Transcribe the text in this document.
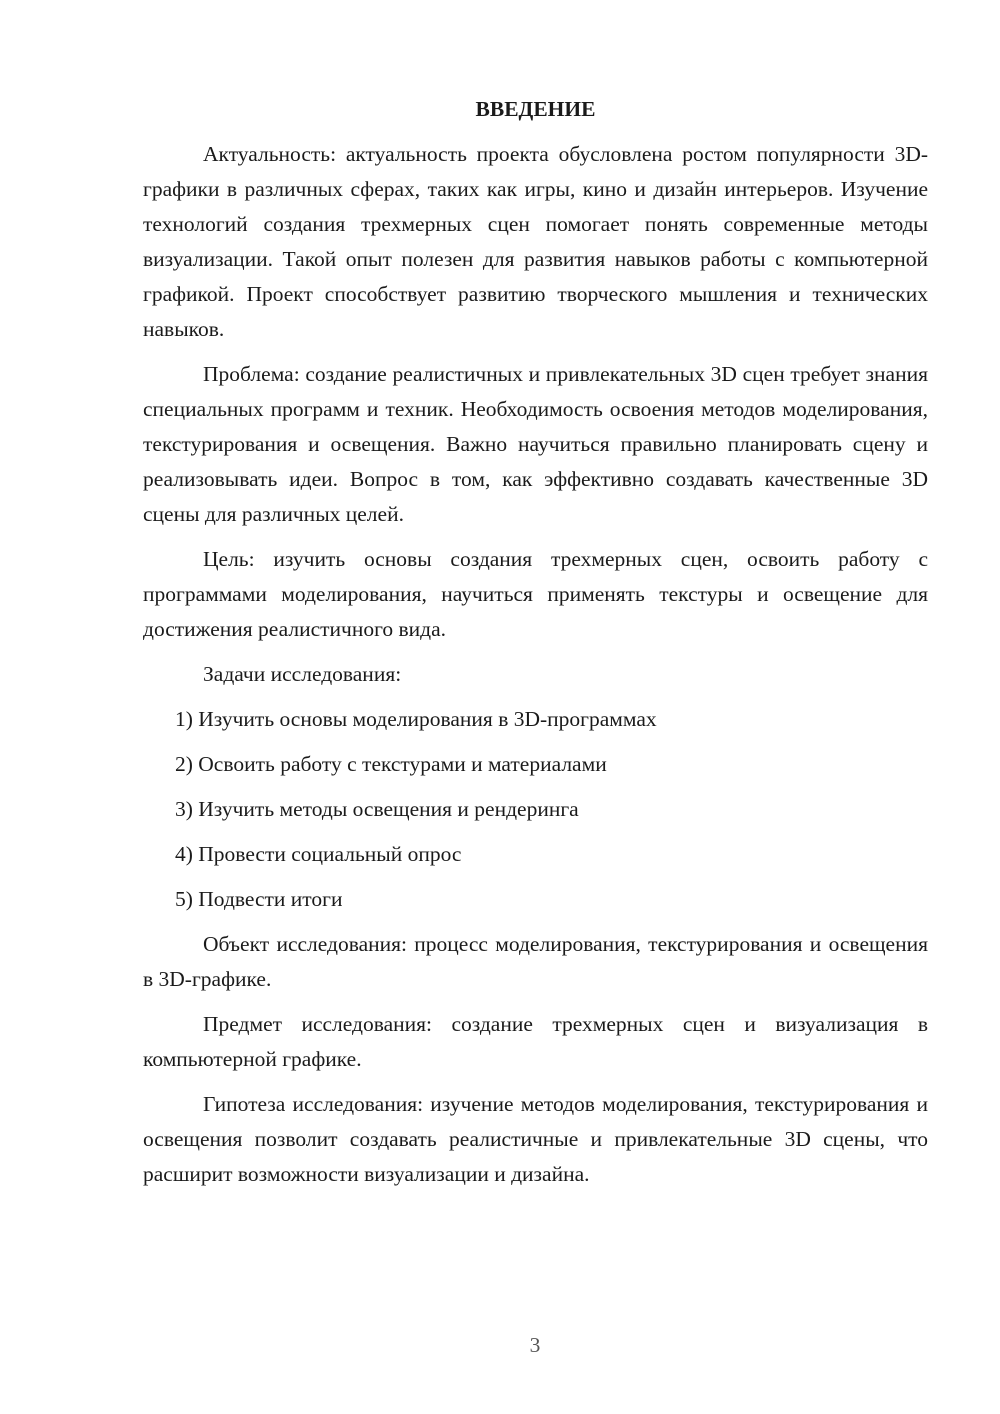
ВВЕДЕНИЕ

Актуальность: актуальность проекта обусловлена ростом популярности 3D-графики в различных сферах, таких как игры, кино и дизайн интерьеров. Изучение технологий создания трехмерных сцен помогает понять современные методы визуализации. Такой опыт полезен для развития навыков работы с компьютерной графикой. Проект способствует развитию творческого мышления и технических навыков.

Проблема: создание реалистичных и привлекательных 3D сцен требует знания специальных программ и техник. Необходимость освоения методов моделирования, текстурирования и освещения. Важно научиться правильно планировать сцену и реализовывать идеи. Вопрос в том, как эффективно создавать качественные 3D сцены для различных целей.

Цель: изучить основы создания трехмерных сцен, освоить работу с программами моделирования, научиться применять текстуры и освещение для достижения реалистичного вида.

Задачи исследования:

1) Изучить основы моделирования в 3D-программах
2) Освоить работу с текстурами и материалами
3) Изучить методы освещения и рендеринга
4) Провести социальный опрос
5) Подвести итоги

Объект исследования: процесс моделирования, текстурирования и освещения в 3D-графике.

Предмет исследования: создание трехмерных сцен и визуализация в компьютерной графике.

Гипотеза исследования: изучение методов моделирования, текстурирования и освещения позволит создавать реалистичные и привлекательные 3D сцены, что расширит возможности визуализации и дизайна.

3
